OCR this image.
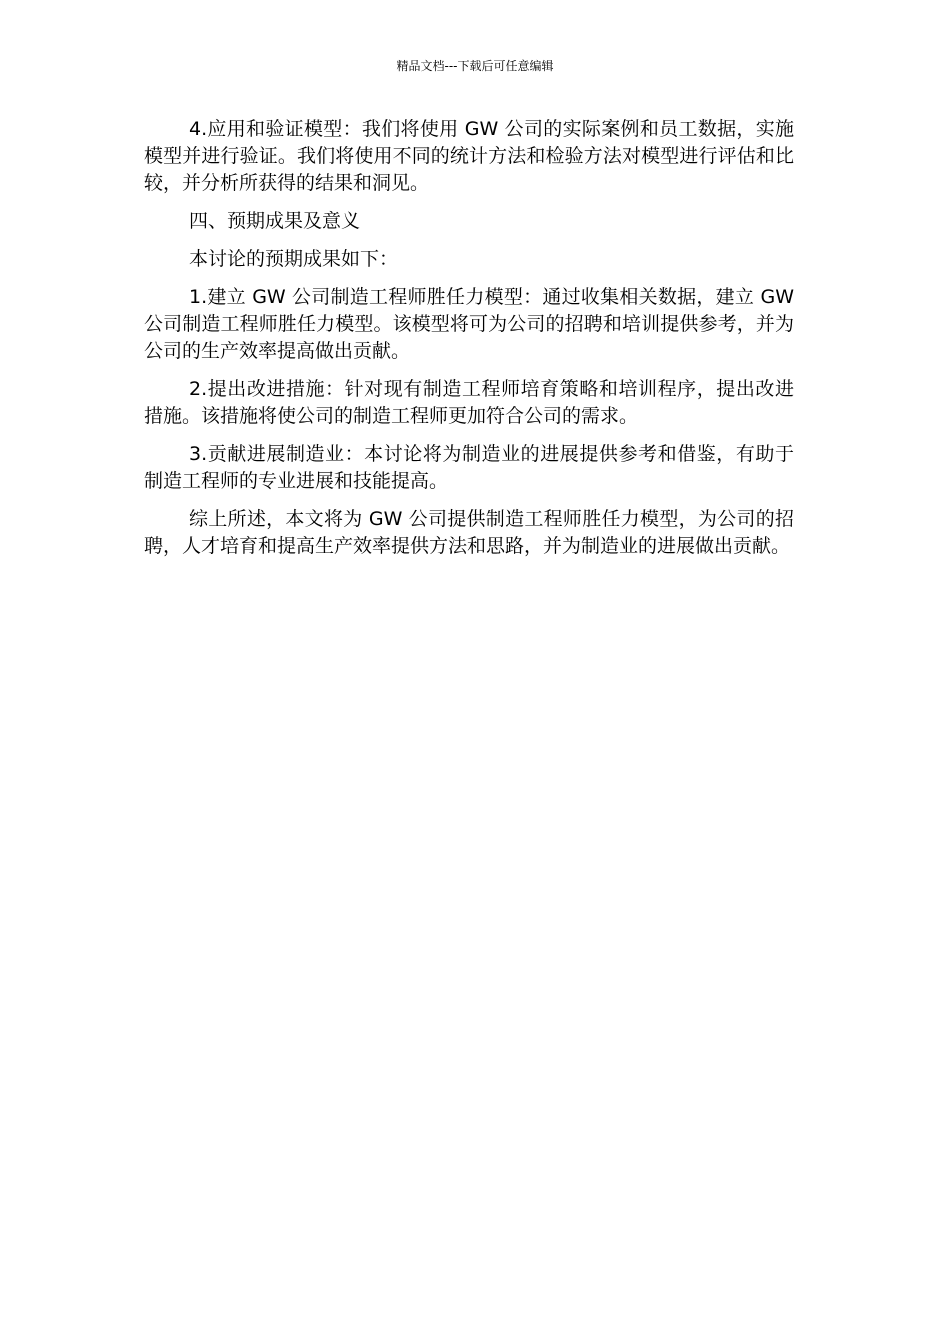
精品文档---下载后可任意编辑

4.应用和验证模型：我们将使用 GW 公司的实际案例和员工数据，实施模型并进行验证。我们将使用不同的统计方法和检验方法对模型进行评估和比较，并分析所获得的结果和洞见。

四、预期成果及意义

本讨论的预期成果如下：

1.建立 GW 公司制造工程师胜任力模型：通过收集相关数据，建立 GW 公司制造工程师胜任力模型。该模型将可为公司的招聘和培训提供参考，并为公司的生产效率提高做出贡献。

2.提出改进措施：针对现有制造工程师培育策略和培训程序，提出改进措施。该措施将使公司的制造工程师更加符合公司的需求。

3.贡献进展制造业：本讨论将为制造业的进展提供参考和借鉴，有助于制造工程师的专业进展和技能提高。

综上所述，本文将为 GW 公司提供制造工程师胜任力模型，为公司的招聘，人才培育和提高生产效率提供方法和思路，并为制造业的进展做出贡献。
